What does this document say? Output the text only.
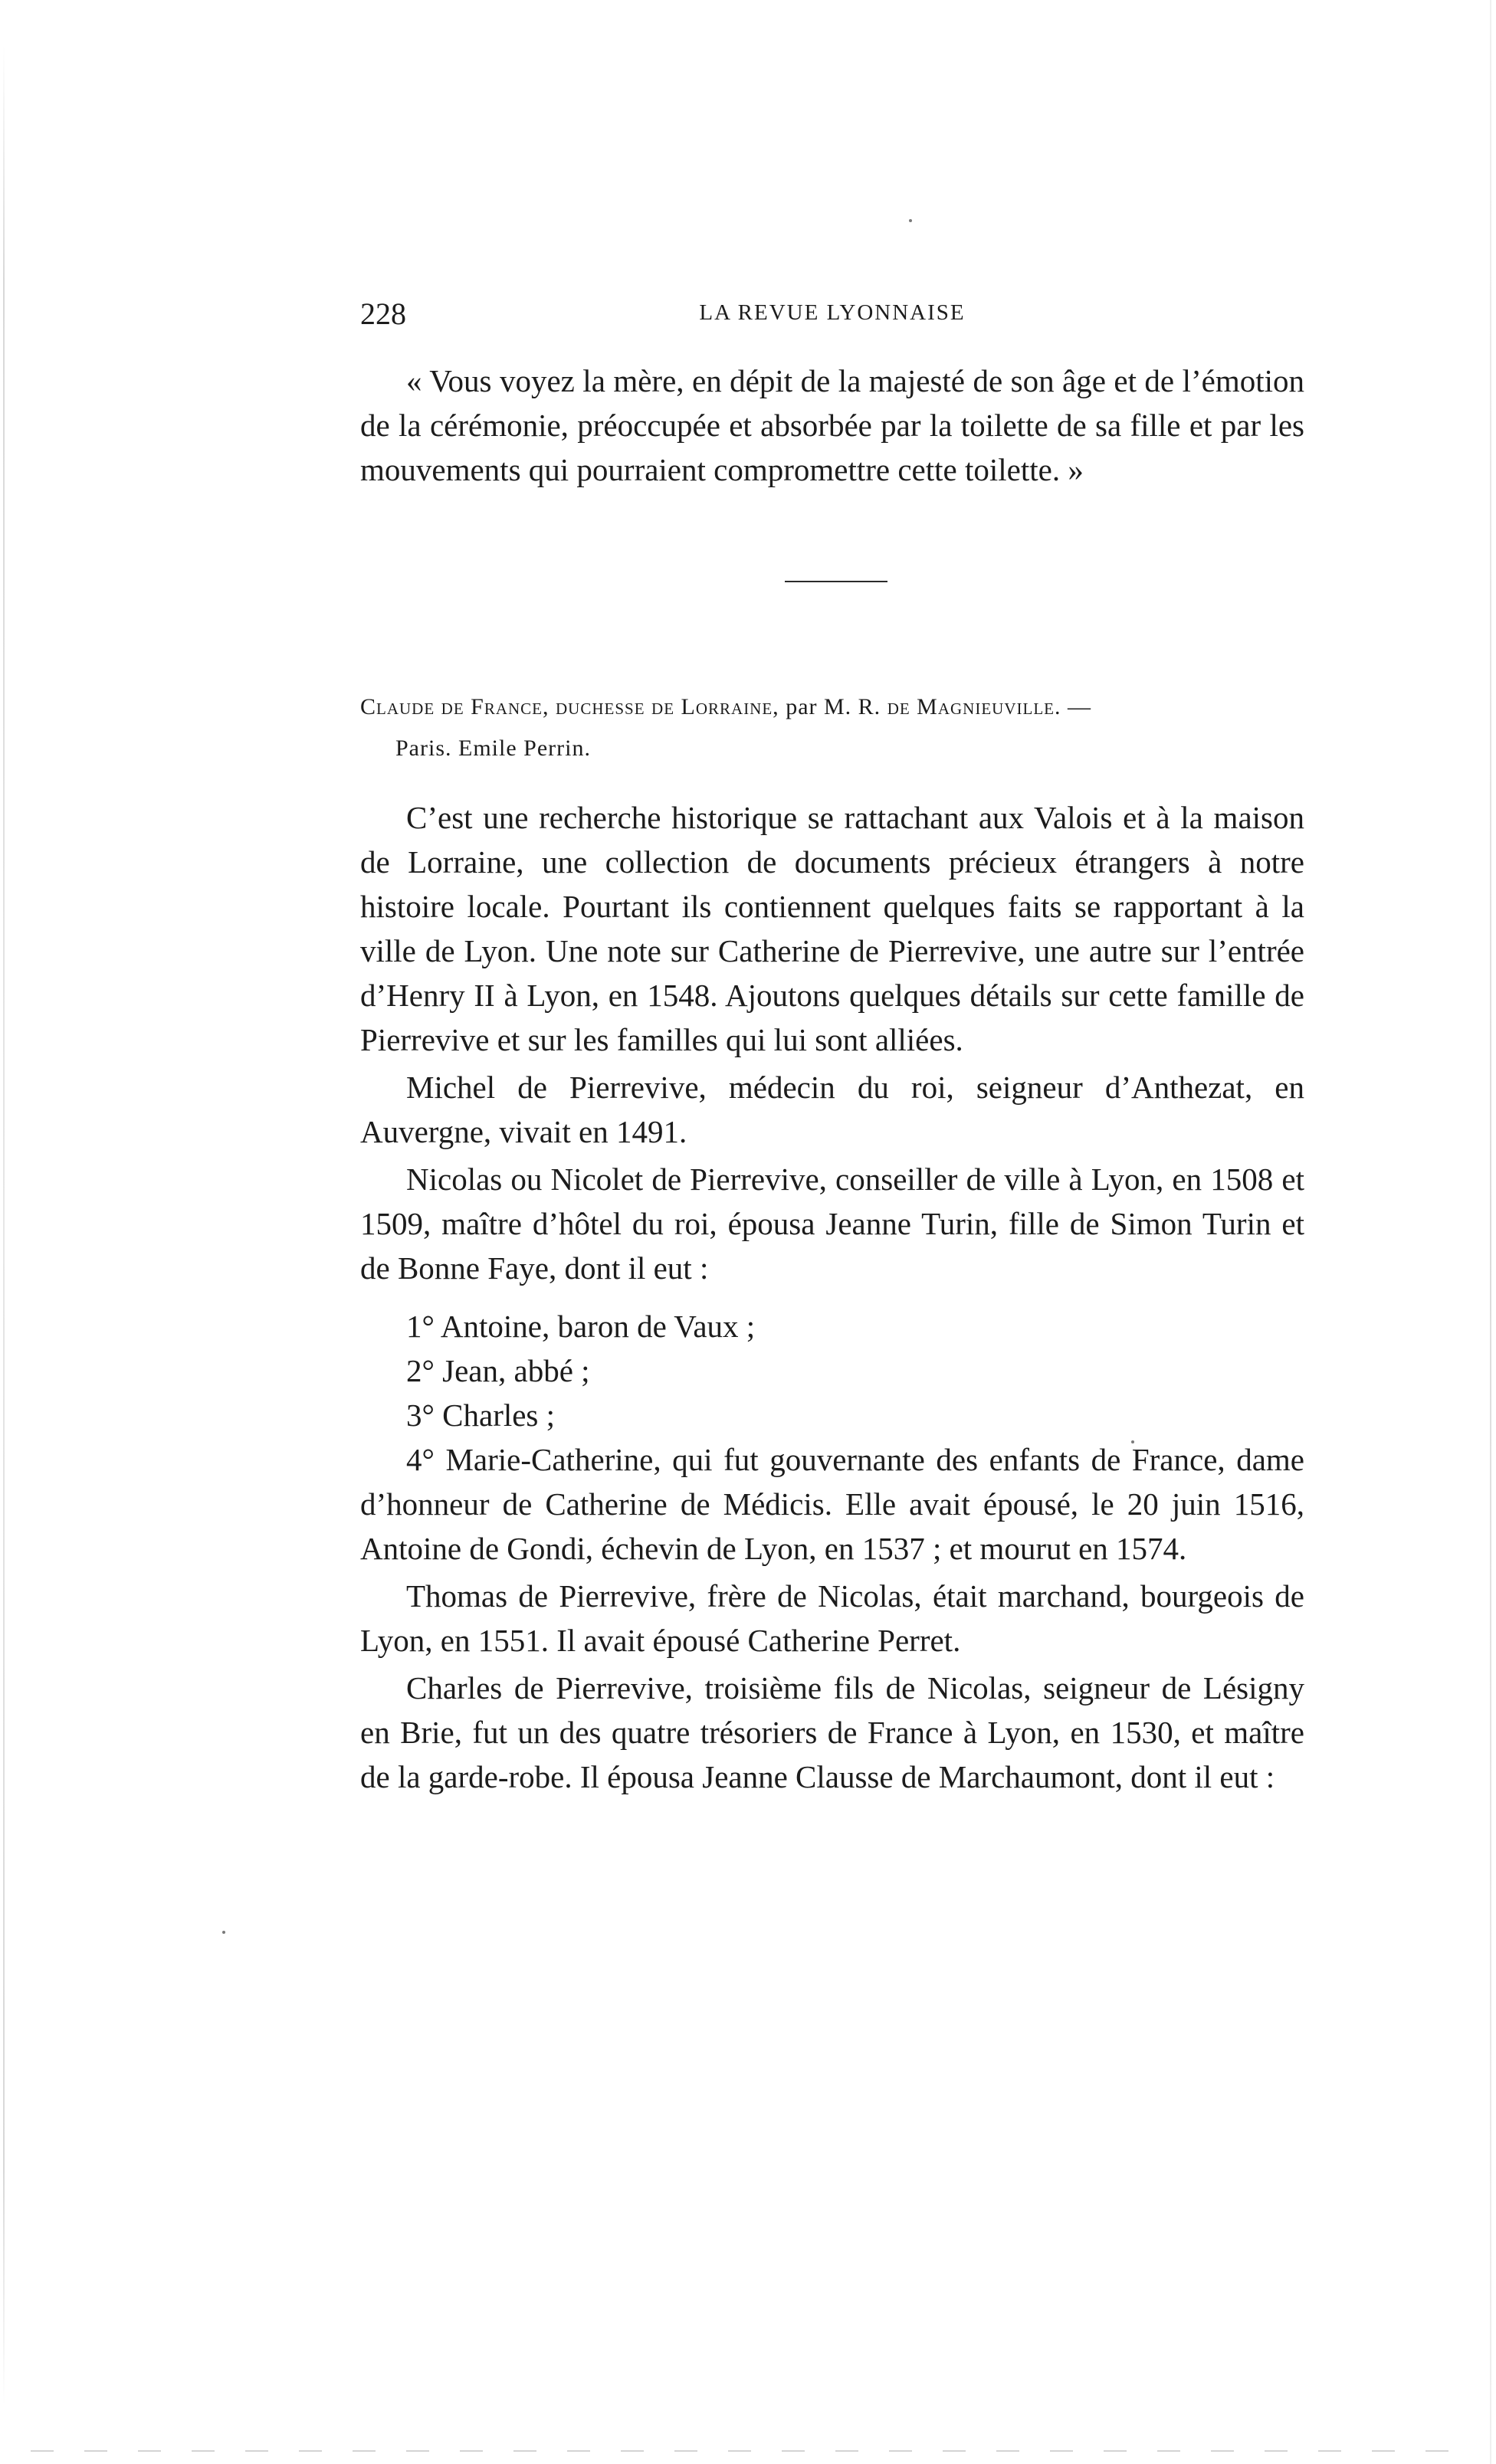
228	LA REVUE LYONNAISE

« Vous voyez la mère, en dépit de la majesté de son âge et de l’émotion de la cérémonie, préoccupée et absorbée par la toilette de sa fille et par les mouvements qui pourraient compromettre cette toilette. »

Claude de France, duchesse de Lorraine, par M. R. de Magnieuville. —
Paris. Emile Perrin.

C’est une recherche historique se rattachant aux Valois et à la maison de Lorraine, une collection de documents précieux étrangers à notre histoire locale. Pourtant ils contiennent quelques faits se rapportant à la ville de Lyon. Une note sur Catherine de Pierrevive, une autre sur l’entrée d’Henry II à Lyon, en 1548. Ajoutons quelques détails sur cette famille de Pierrevive et sur les familles qui lui sont alliées.

Michel de Pierrevive, médecin du roi, seigneur d’Anthezat, en Auvergne, vivait en 1491.

Nicolas ou Nicolet de Pierrevive, conseiller de ville à Lyon, en 1508 et 1509, maître d’hôtel du roi, épousa Jeanne Turin, fille de Simon Turin et de Bonne Faye, dont il eut :

1° Antoine, baron de Vaux ;

2° Jean, abbé ;

3° Charles ;

4° Marie-Catherine, qui fut gouvernante des enfants de France, dame d’honneur de Catherine de Médicis. Elle avait épousé, le 20 juin 1516, Antoine de Gondi, échevin de Lyon, en 1537 ; et mourut en 1574.

Thomas de Pierrevive, frère de Nicolas, était marchand, bourgeois de Lyon, en 1551. Il avait épousé Catherine Perret.

Charles de Pierrevive, troisième fils de Nicolas, seigneur de Lésigny en Brie, fut un des quatre trésoriers de France à Lyon, en 1530, et maître de la garde-robe. Il épousa Jeanne Clausse de Marchaumont, dont il eut :
